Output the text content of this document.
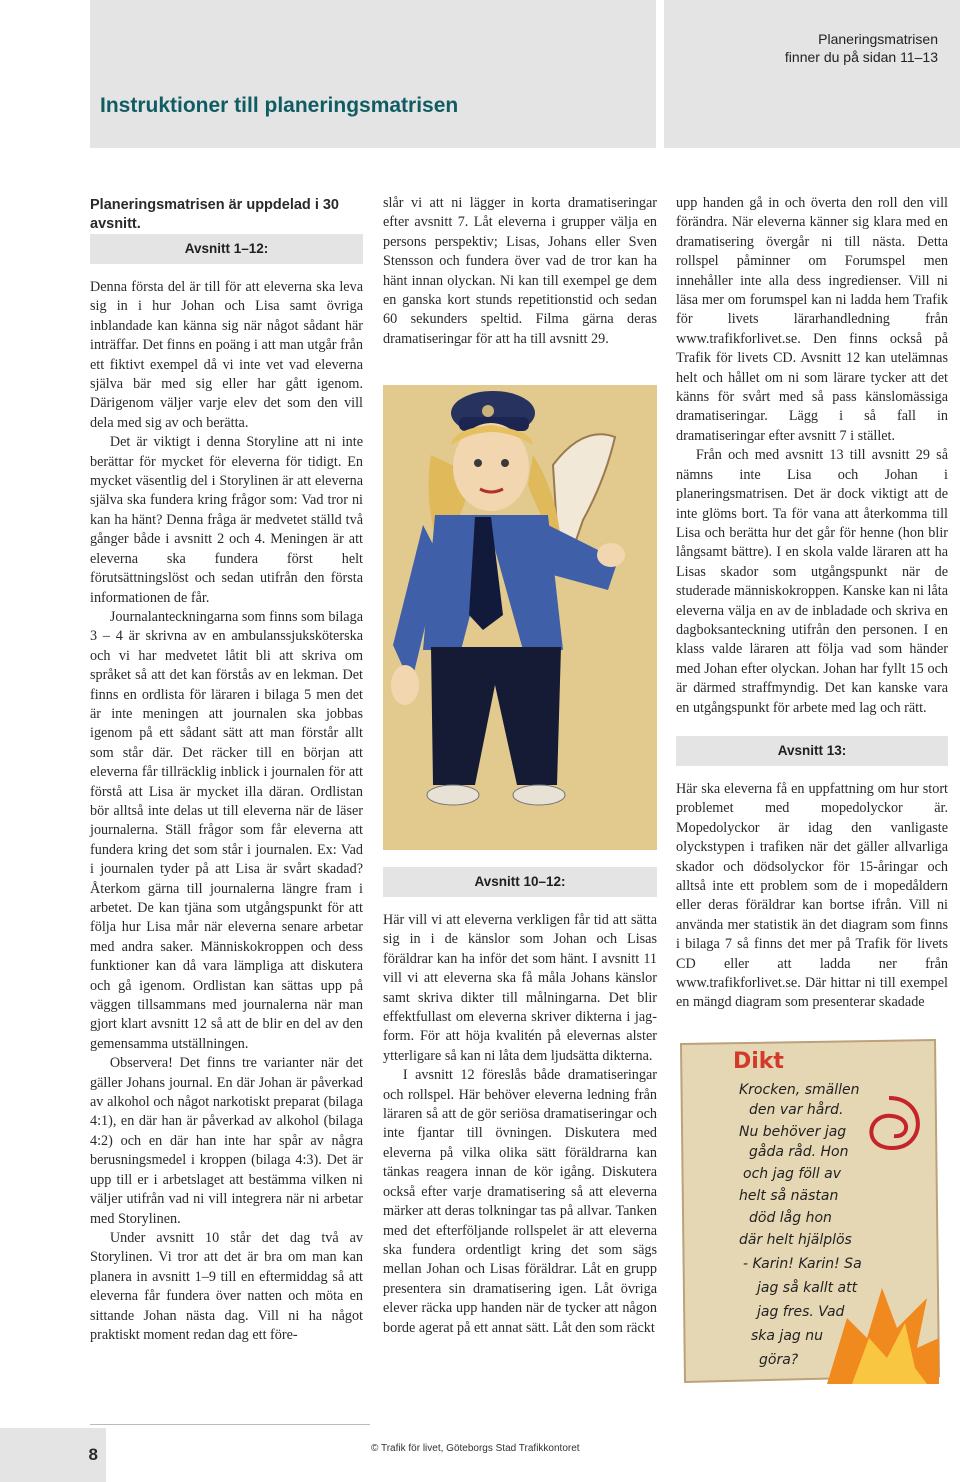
Instruktioner till planeringsmatrisen
Planeringsmatrisen
finner du på sidan 11–13

Planeringsmatrisen är uppdelad i 30 avsnitt.

Avsnitt 1–12:

Denna första del är till för att eleverna ska leva sig in i hur Johan och Lisa samt övriga inblandade kan känna sig när något sådant här inträffar. Det finns en poäng i att man utgår från ett fiktivt exempel då vi inte vet vad eleverna själva bär med sig eller har gått igenom. Därigenom väljer varje elev det som den vill dela med sig av och berätta.

Det är viktigt i denna Storyline att ni inte berättar för mycket för eleverna för tidigt. En mycket väsentlig del i Storylinen är att eleverna själva ska fundera kring frågor som: Vad tror ni kan ha hänt? Denna fråga är medvetet ställd två gånger både i avsnitt 2 och 4. Meningen är att eleverna ska fundera först helt förutsättningslöst och sedan utifrån den första informationen de får.

Journalanteckningarna som finns som bilaga 3 – 4 är skrivna av en ambulanssjuksköterska och vi har medvetet låtit bli att skriva om språket så att det kan förstås av en lekman. Det finns en ordlista för läraren i bilaga 5 men det är inte meningen att journalen ska jobbas igenom på ett sådant sätt att man förstår allt som står där. Det räcker till en början att eleverna får tillräcklig inblick i journalen för att förstå att Lisa är mycket illa däran. Ordlistan bör alltså inte delas ut till eleverna när de läser journalerna. Ställ frågor som får eleverna att fundera kring det som står i journalen. Ex: Vad i journalen tyder på att Lisa är svårt skadad? Återkom gärna till journalerna längre fram i arbetet. De kan tjäna som utgångspunkt för att följa hur Lisa mår när eleverna senare arbetar med andra saker. Människokroppen och dess funktioner kan då vara lämpliga att diskutera och gå igenom. Ordlistan kan sättas upp på väggen tillsammans med journalerna när man gjort klart avsnitt 12 så att de blir en del av den gemensamma utställningen.

Observera! Det finns tre varianter när det gäller Johans journal. En där Johan är påverkad av alkohol och något narkotiskt preparat (bilaga 4:1), en där han är påverkad av alkohol (bilaga 4:2) och en där han inte har spår av några berusningsmedel i kroppen (bilaga 4:3). Det är upp till er i arbetslaget att bestämma vilken ni väljer utifrån vad ni vill integrera när ni arbetar med Storylinen.

Under avsnitt 10 står det dag två av Storylinen. Vi tror att det är bra om man kan planera in avsnitt 1–9 till en eftermiddag så att eleverna får fundera över natten och möta en sittande Johan nästa dag. Vill ni ha något praktiskt moment redan dag ett före-

slår vi att ni lägger in korta dramatiseringar efter avsnitt 7. Låt eleverna i grupper välja en persons perspektiv; Lisas, Johans eller Sven Stensson och fundera över vad de tror kan ha hänt innan olyckan. Ni kan till exempel ge dem en ganska kort stunds repetitionstid och sedan 60 sekunders speltid. Filma gärna deras dramatiseringar för att ha till avsnitt 29.

Avsnitt 10–12:

Här vill vi att eleverna verkligen får tid att sätta sig in i de känslor som Johan och Lisas föräldrar kan ha inför det som hänt. I avsnitt 11 vill vi att eleverna ska få måla Johans känslor samt skriva dikter till målningarna. Det blir effektfullast om eleverna skriver dikterna i jag-form. För att höja kvalitén på elevernas alster ytterligare så kan ni låta dem ljudsätta dikterna.

I avsnitt 12 föreslås både dramatiseringar och rollspel. Här behöver eleverna ledning från läraren så att de gör seriösa dramatiseringar och inte fjantar till övningen. Diskutera med eleverna på vilka olika sätt föräldrarna kan tänkas reagera innan de kör igång. Diskutera också efter varje dramatisering så att eleverna märker att deras tolkningar tas på allvar. Tanken med det efterföljande rollspelet är att eleverna ska fundera ordentligt kring det som sägs mellan Johan och Lisas föräldrar. Låt en grupp presentera sin dramatisering igen. Låt övriga elever räcka upp handen när de tycker att någon borde agerat på ett annat sätt. Låt den som räckt

upp handen gå in och överta den roll den vill förändra. När eleverna känner sig klara med en dramatisering övergår ni till nästa. Detta rollspel påminner om Forumspel men innehåller inte alla dess ingredienser. Vill ni läsa mer om forumspel kan ni ladda hem Trafik för livets lärarhandledning från www.trafikforlivet.se. Den finns också på Trafik för livets CD. Avsnitt 12 kan utelämnas helt och hållet om ni som lärare tycker att det känns för svårt med så pass känslomässiga dramatiseringar. Lägg i så fall in dramatiseringar efter avsnitt 7 i stället.

Från och med avsnitt 13 till avsnitt 29 så nämns inte Lisa och Johan i planeringsmatrisen. Det är dock viktigt att de inte glöms bort. Ta för vana att återkomma till Lisa och berätta hur det går för henne (hon blir långsamt bättre). I en skola valde läraren att ha Lisas skador som utgångspunkt när de studerade människokroppen. Kanske kan ni låta eleverna välja en av de inbladade och skriva en dagboksanteckning utifrån den personen. I en klass valde läraren att följa vad som händer med Johan efter olyckan. Johan har fyllt 15 och är därmed straffmyndig. Det kan kanske vara en utgångspunkt för arbete med lag och rätt.

Avsnitt 13:

Här ska eleverna få en uppfattning om hur stort problemet med mopedolyckor är. Mopedolyckor är idag den vanligaste olyckstypen i trafiken när det gäller allvarliga skador och dödsolyckor för 15-åringar och alltså inte ett problem som de i mopedåldern eller deras föräldrar kan bortse ifrån. Vill ni använda mer statistik än det diagram som finns i bilaga 7 så finns det mer på Trafik för livets CD eller att ladda ner från www.trafikforlivet.se. Där hittar ni till exempel en mängd diagram som presenterar skadade

Dikt
Krocken, smällen
den var hård.
Nu behöver jag
gåda råd. Hon
och jag föll av
helt så nästan
död låg hon
där helt hjälplös
- Karin! Karin! Sa
jag så kallt att
jag fres. Vad
ska jag nu
göra?
8	© Trafik för livet, Göteborgs Stad Trafikkontoret
